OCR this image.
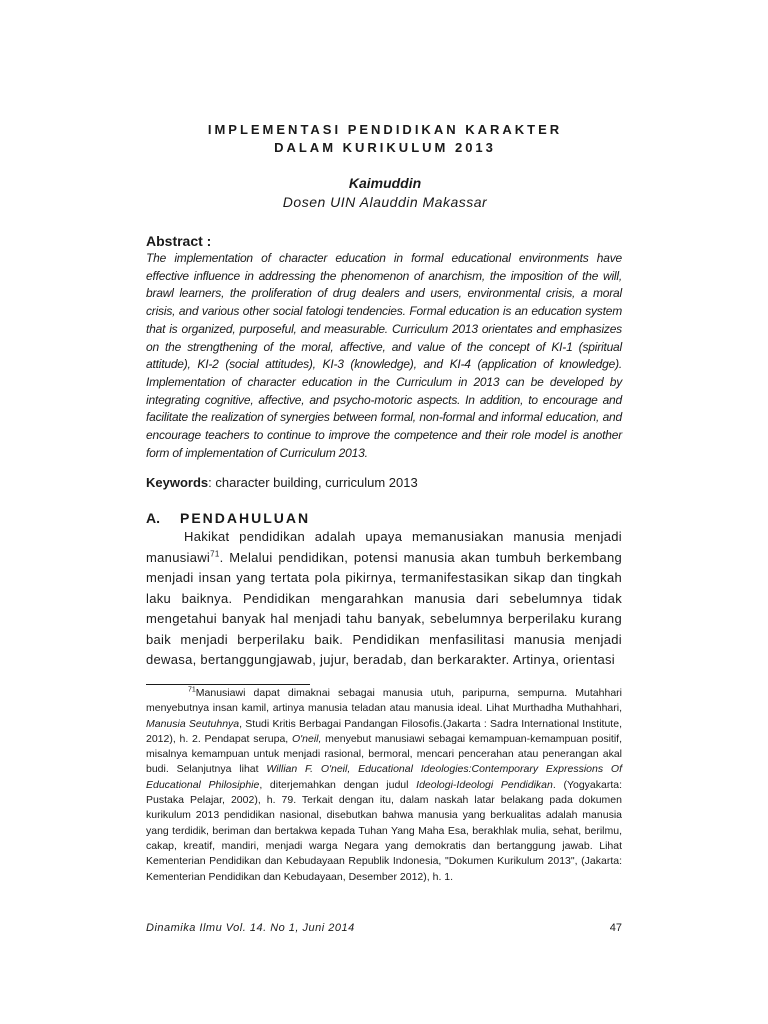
IMPLEMENTASI PENDIDIKAN KARAKTER
DALAM KURIKULUM 2013
Kaimuddin
Dosen UIN Alauddin Makassar
Abstract :

The implementation of character education in formal educational environments have effective influence in addressing the phenomenon of anarchism, the imposition of the will, brawl learners, the proliferation of drug dealers and users, environmental crisis, a moral crisis, and various other social fatologi tendencies. Formal education is an education system that is organized, purposeful, and measurable. Curriculum 2013 orientates and emphasizes on the strengthening of the moral, affective, and value of the concept of KI-1 (spiritual attitude), KI-2 (social attitudes), KI-3 (knowledge), and KI-4 (application of knowledge). Implementation of character education in the Curriculum in 2013 can be developed by integrating cognitive, affective, and psycho-motoric aspects. In addition, to encourage and facilitate the realization of synergies between formal, non-formal and informal education, and encourage teachers to continue to improve the competence and their role model is another form of implementation of Curriculum 2013.

Keywords: character building, curriculum 2013
A. PENDAHULUAN

Hakikat pendidikan adalah upaya memanusiakan manusia menjadi manusiawi$^{71}$. Melalui pendidikan, potensi manusia akan tumbuh berkembang menjadi insan yang tertata pola pikirnya, termanifestasikan sikap dan tingkah laku baiknya. Pendidikan mengarahkan manusia dari sebelumnya tidak mengetahui banyak hal menjadi tahu banyak, sebelumnya berperilaku kurang baik menjadi berperilaku baik. Pendidikan menfasilitasi manusia menjadi dewasa, bertanggungjawab, jujur, beradab, dan berkarakter. Artinya, orientasi

$^{71}$Manusiawi dapat dimaknai sebagai manusia utuh, paripurna, sempurna. Mutahhari menyebutnya insan kamil, artinya manusia teladan atau manusia ideal. Lihat Murthadha Muthahhari, Manusia Seutuhnya, Studi Kritis Berbagai Pandangan Filosofis.(Jakarta : Sadra International Institute, 2012), h. 2. Pendapat serupa, O'neil, menyebut manusiawi sebagai kemampuan-kemampuan positif, misalnya kemampuan untuk menjadi rasional, bermoral, mencari pencerahan atau penerangan akal budi. Selanjutnya lihat Willian F. O'neil, Educational Ideologies:Contemporary Expressions Of Educational Philosiphie, diterjemahkan dengan judul Ideologi-Ideologi Pendidikan. (Yogyakarta: Pustaka Pelajar, 2002), h. 79. Terkait dengan itu, dalam naskah latar belakang pada dokumen kurikulum 2013 pendidikan nasional, disebutkan bahwa manusia yang berkualitas adalah manusia yang terdidik, beriman dan bertakwa kepada Tuhan Yang Maha Esa, berakhlak mulia, sehat, berilmu, cakap, kreatif, mandiri, menjadi warga Negara yang demokratis dan bertanggung jawab. Lihat Kementerian Pendidikan dan Kebudayaan Republik Indonesia, "Dokumen Kurikulum 2013", (Jakarta: Kementerian Pendidikan dan Kebudayaan, Desember 2012), h. 1.

Dinamika Ilmu Vol. 14. No 1, Juni 2014	47
